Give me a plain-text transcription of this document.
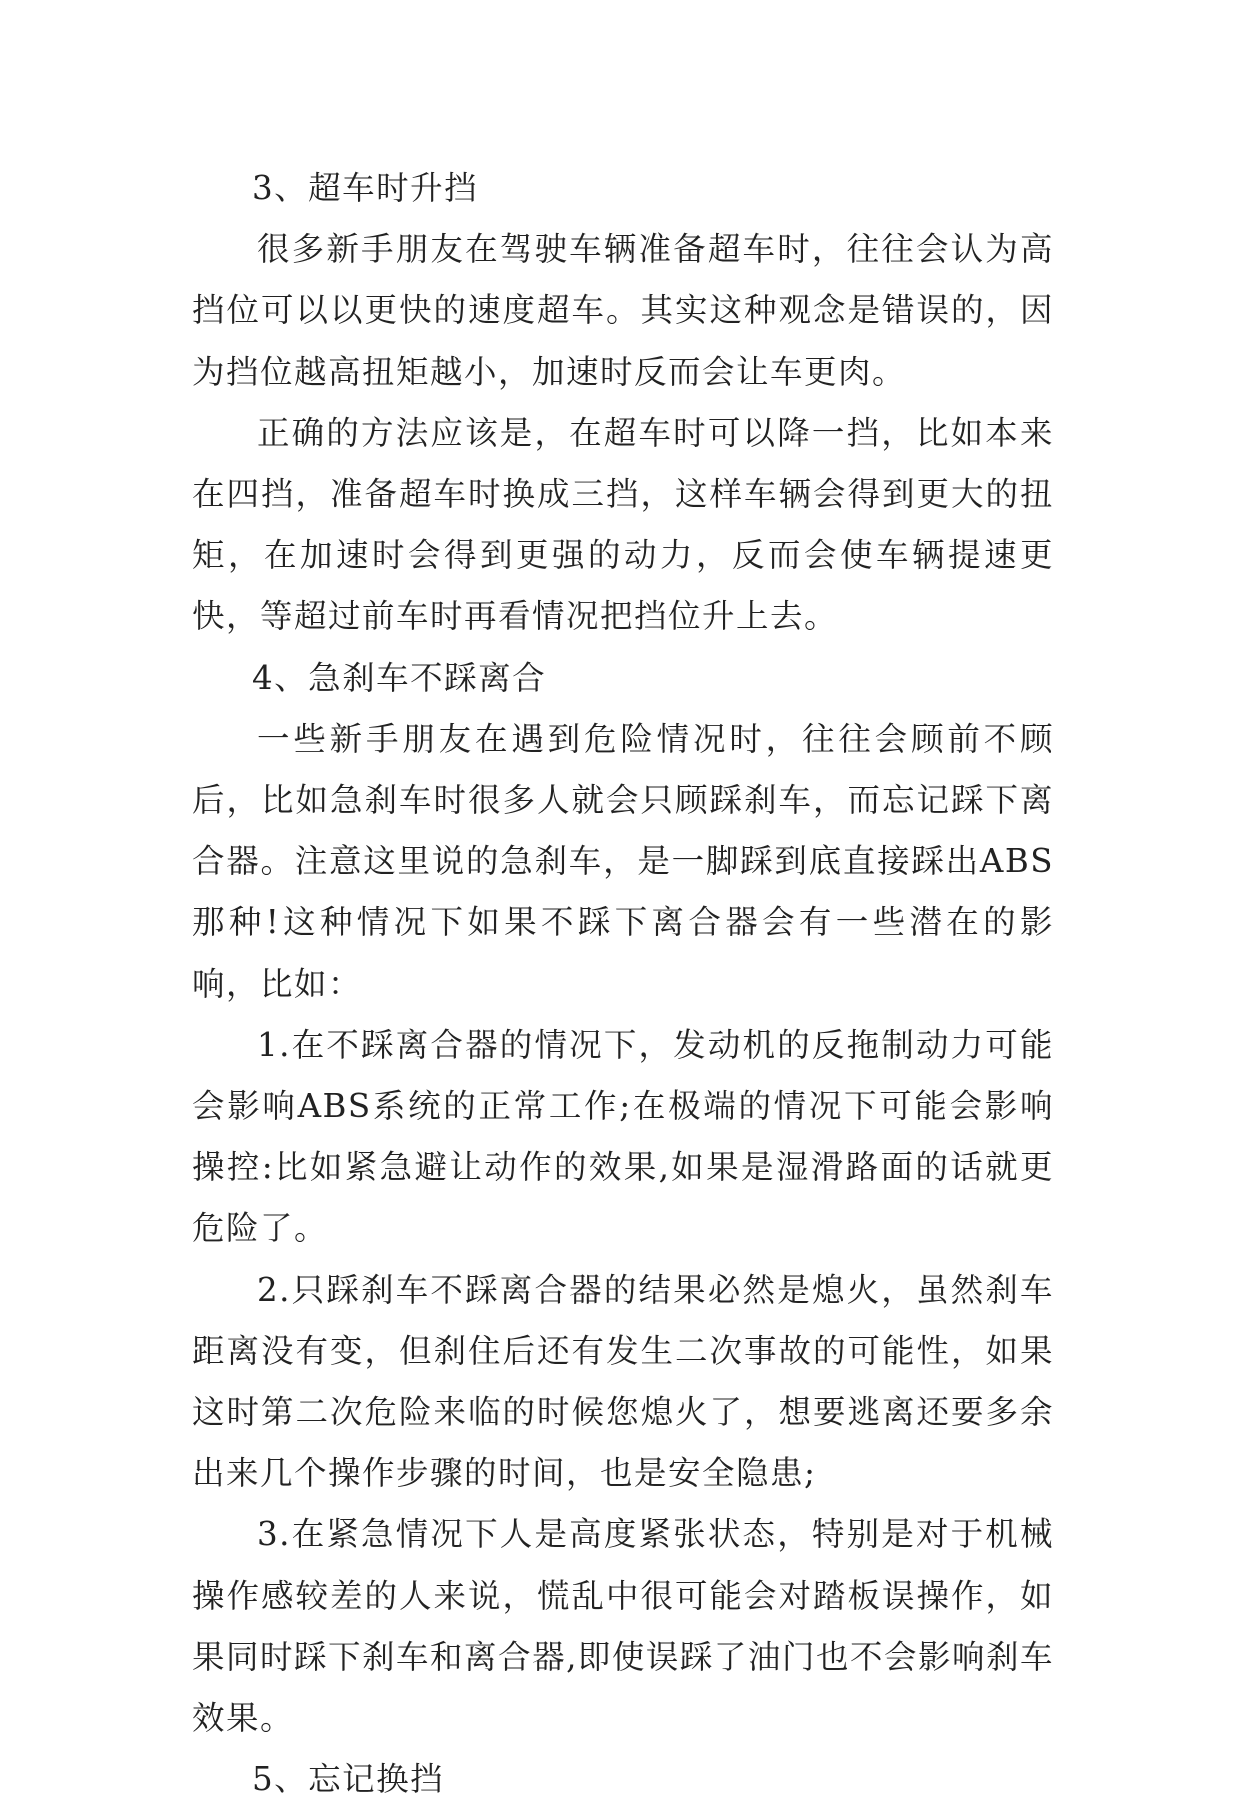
3、超车时升挡

很多新手朋友在驾驶车辆准备超车时，往往会认为高挡位可以以更快的速度超车。其实这种观念是错误的，因为挡位越高扭矩越小，加速时反而会让车更肉。

正确的方法应该是，在超车时可以降一挡，比如本来在四挡，准备超车时换成三挡，这样车辆会得到更大的扭矩，在加速时会得到更强的动力，反而会使车辆提速更快，等超过前车时再看情况把挡位升上去。

4、急刹车不踩离合

一些新手朋友在遇到危险情况时，往往会顾前不顾后，比如急刹车时很多人就会只顾踩刹车，而忘记踩下离合器。注意这里说的急刹车，是一脚踩到底直接踩出ABS那种!这种情况下如果不踩下离合器会有一些潜在的影响，比如：

1.在不踩离合器的情况下，发动机的反拖制动力可能会影响ABS系统的正常工作;在极端的情况下可能会影响操控:比如紧急避让动作的效果,如果是湿滑路面的话就更危险了。

2.只踩刹车不踩离合器的结果必然是熄火，虽然刹车距离没有变，但刹住后还有发生二次事故的可能性，如果这时第二次危险来临的时候您熄火了，想要逃离还要多余出来几个操作步骤的时间，也是安全隐患;

3.在紧急情况下人是高度紧张状态，特别是对于机械操作感较差的人来说，慌乱中很可能会对踏板误操作，如果同时踩下刹车和离合器,即使误踩了油门也不会影响刹车效果。

5、忘记换挡
